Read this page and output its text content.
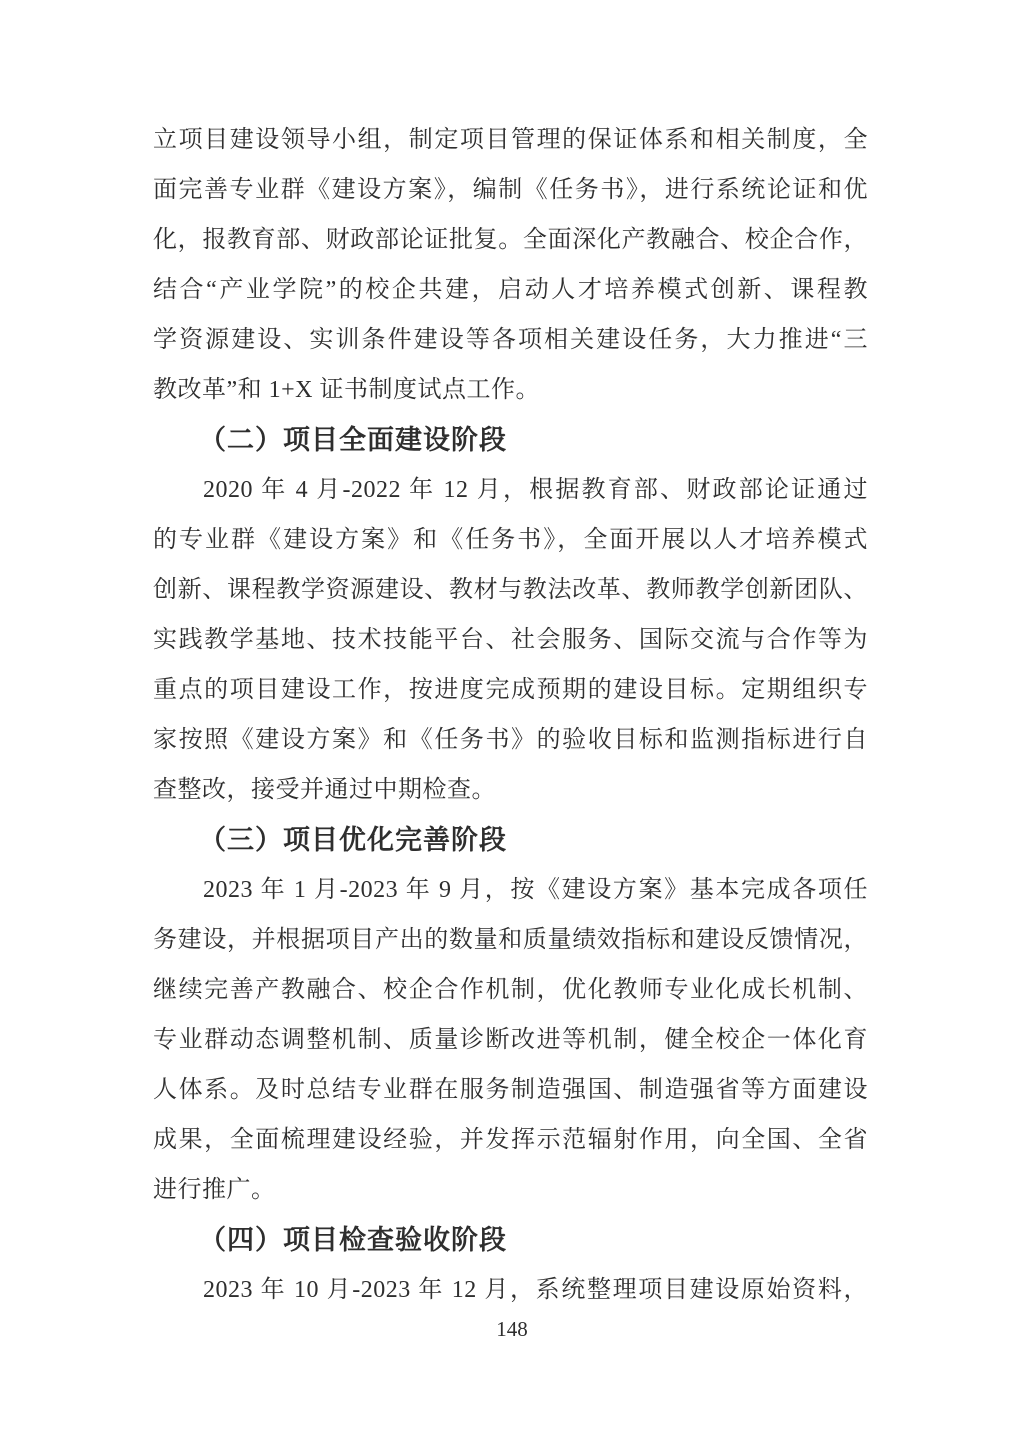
立项目建设领导小组，制定项目管理的保证体系和相关制度，全
面完善专业群《建设方案》，编制《任务书》，进行系统论证和优
化，报教育部、财政部论证批复。全面深化产教融合、校企合作，
结合“产业学院”的校企共建，启动人才培养模式创新、课程教
学资源建设、实训条件建设等各项相关建设任务，大力推进“三
教改革”和 1+X 证书制度试点工作。
（二）项目全面建设阶段
2020 年 4 月-2022 年 12 月，根据教育部、财政部论证通过
的专业群《建设方案》和《任务书》，全面开展以人才培养模式
创新、课程教学资源建设、教材与教法改革、教师教学创新团队、
实践教学基地、技术技能平台、社会服务、国际交流与合作等为
重点的项目建设工作，按进度完成预期的建设目标。定期组织专
家按照《建设方案》和《任务书》的验收目标和监测指标进行自
查整改，接受并通过中期检查。
（三）项目优化完善阶段
2023 年 1 月-2023 年 9 月，按《建设方案》基本完成各项任
务建设，并根据项目产出的数量和质量绩效指标和建设反馈情况，
继续完善产教融合、校企合作机制，优化教师专业化成长机制、
专业群动态调整机制、质量诊断改进等机制，健全校企一体化育
人体系。及时总结专业群在服务制造强国、制造强省等方面建设
成果，全面梳理建设经验，并发挥示范辐射作用，向全国、全省
进行推广。
（四）项目检查验收阶段
2023 年 10 月-2023 年 12 月，系统整理项目建设原始资料，
148
